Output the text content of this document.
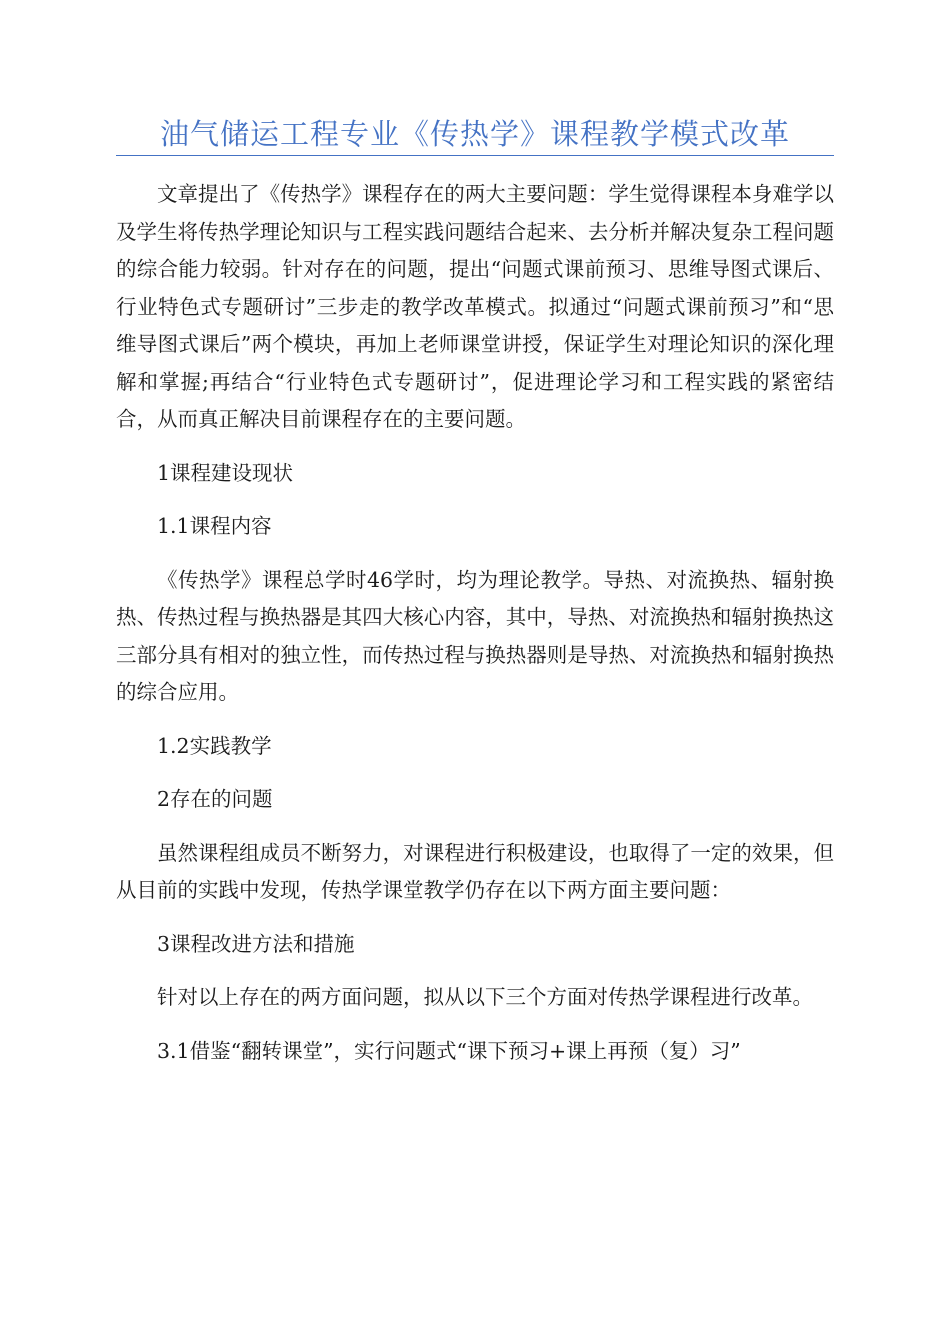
油气储运工程专业《传热学》课程教学模式改革

文章提出了《传热学》课程存在的两大主要问题：学生觉得课程本身难学以及学生将传热学理论知识与工程实践问题结合起来、去分析并解决复杂工程问题的综合能力较弱。针对存在的问题，提出“问题式课前预习、思维导图式课后、行业特色式专题研讨”三步走的教学改革模式。拟通过“问题式课前预习”和“思维导图式课后”两个模块，再加上老师课堂讲授，保证学生对理论知识的深化理解和掌握;再结合“行业特色式专题研讨”，促进理论学习和工程实践的紧密结合，从而真正解决目前课程存在的主要问题。

1课程建设现状

1.1课程内容

《传热学》课程总学时46学时，均为理论教学。导热、对流换热、辐射换热、传热过程与换热器是其四大核心内容，其中，导热、对流换热和辐射换热这三部分具有相对的独立性，而传热过程与换热器则是导热、对流换热和辐射换热的综合应用。

1.2实践教学

2存在的问题

虽然课程组成员不断努力，对课程进行积极建设，也取得了一定的效果，但从目前的实践中发现，传热学课堂教学仍存在以下两方面主要问题：

3课程改进方法和措施

针对以上存在的两方面问题，拟从以下三个方面对传热学课程进行改革。

3.1借鉴“翻转课堂”，实行问题式“课下预习+课上再预（复）习”
